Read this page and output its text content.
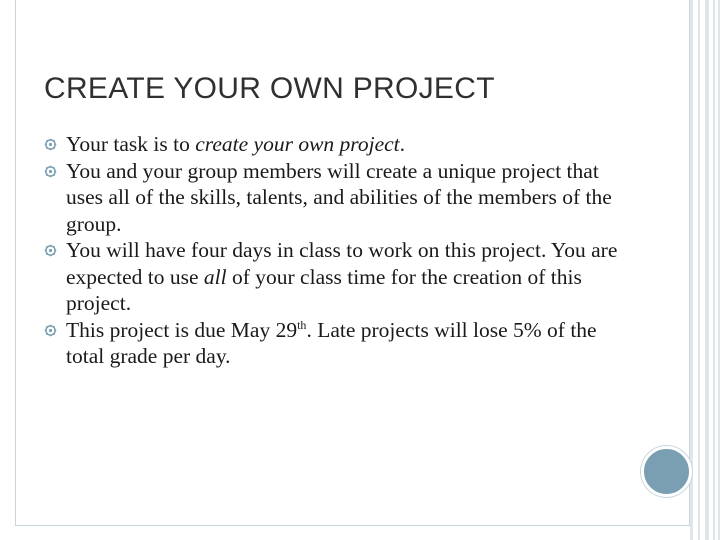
CREATE YOUR OWN PROJECT
Your task is to create your own project.
You and your group members will create a unique project that uses all of the skills, talents, and abilities of the members of the group.
You will have four days in class to work on this project. You are expected to use all of your class time for the creation of this project.
This project is due May 29th. Late projects will lose 5% of the total grade per day.
